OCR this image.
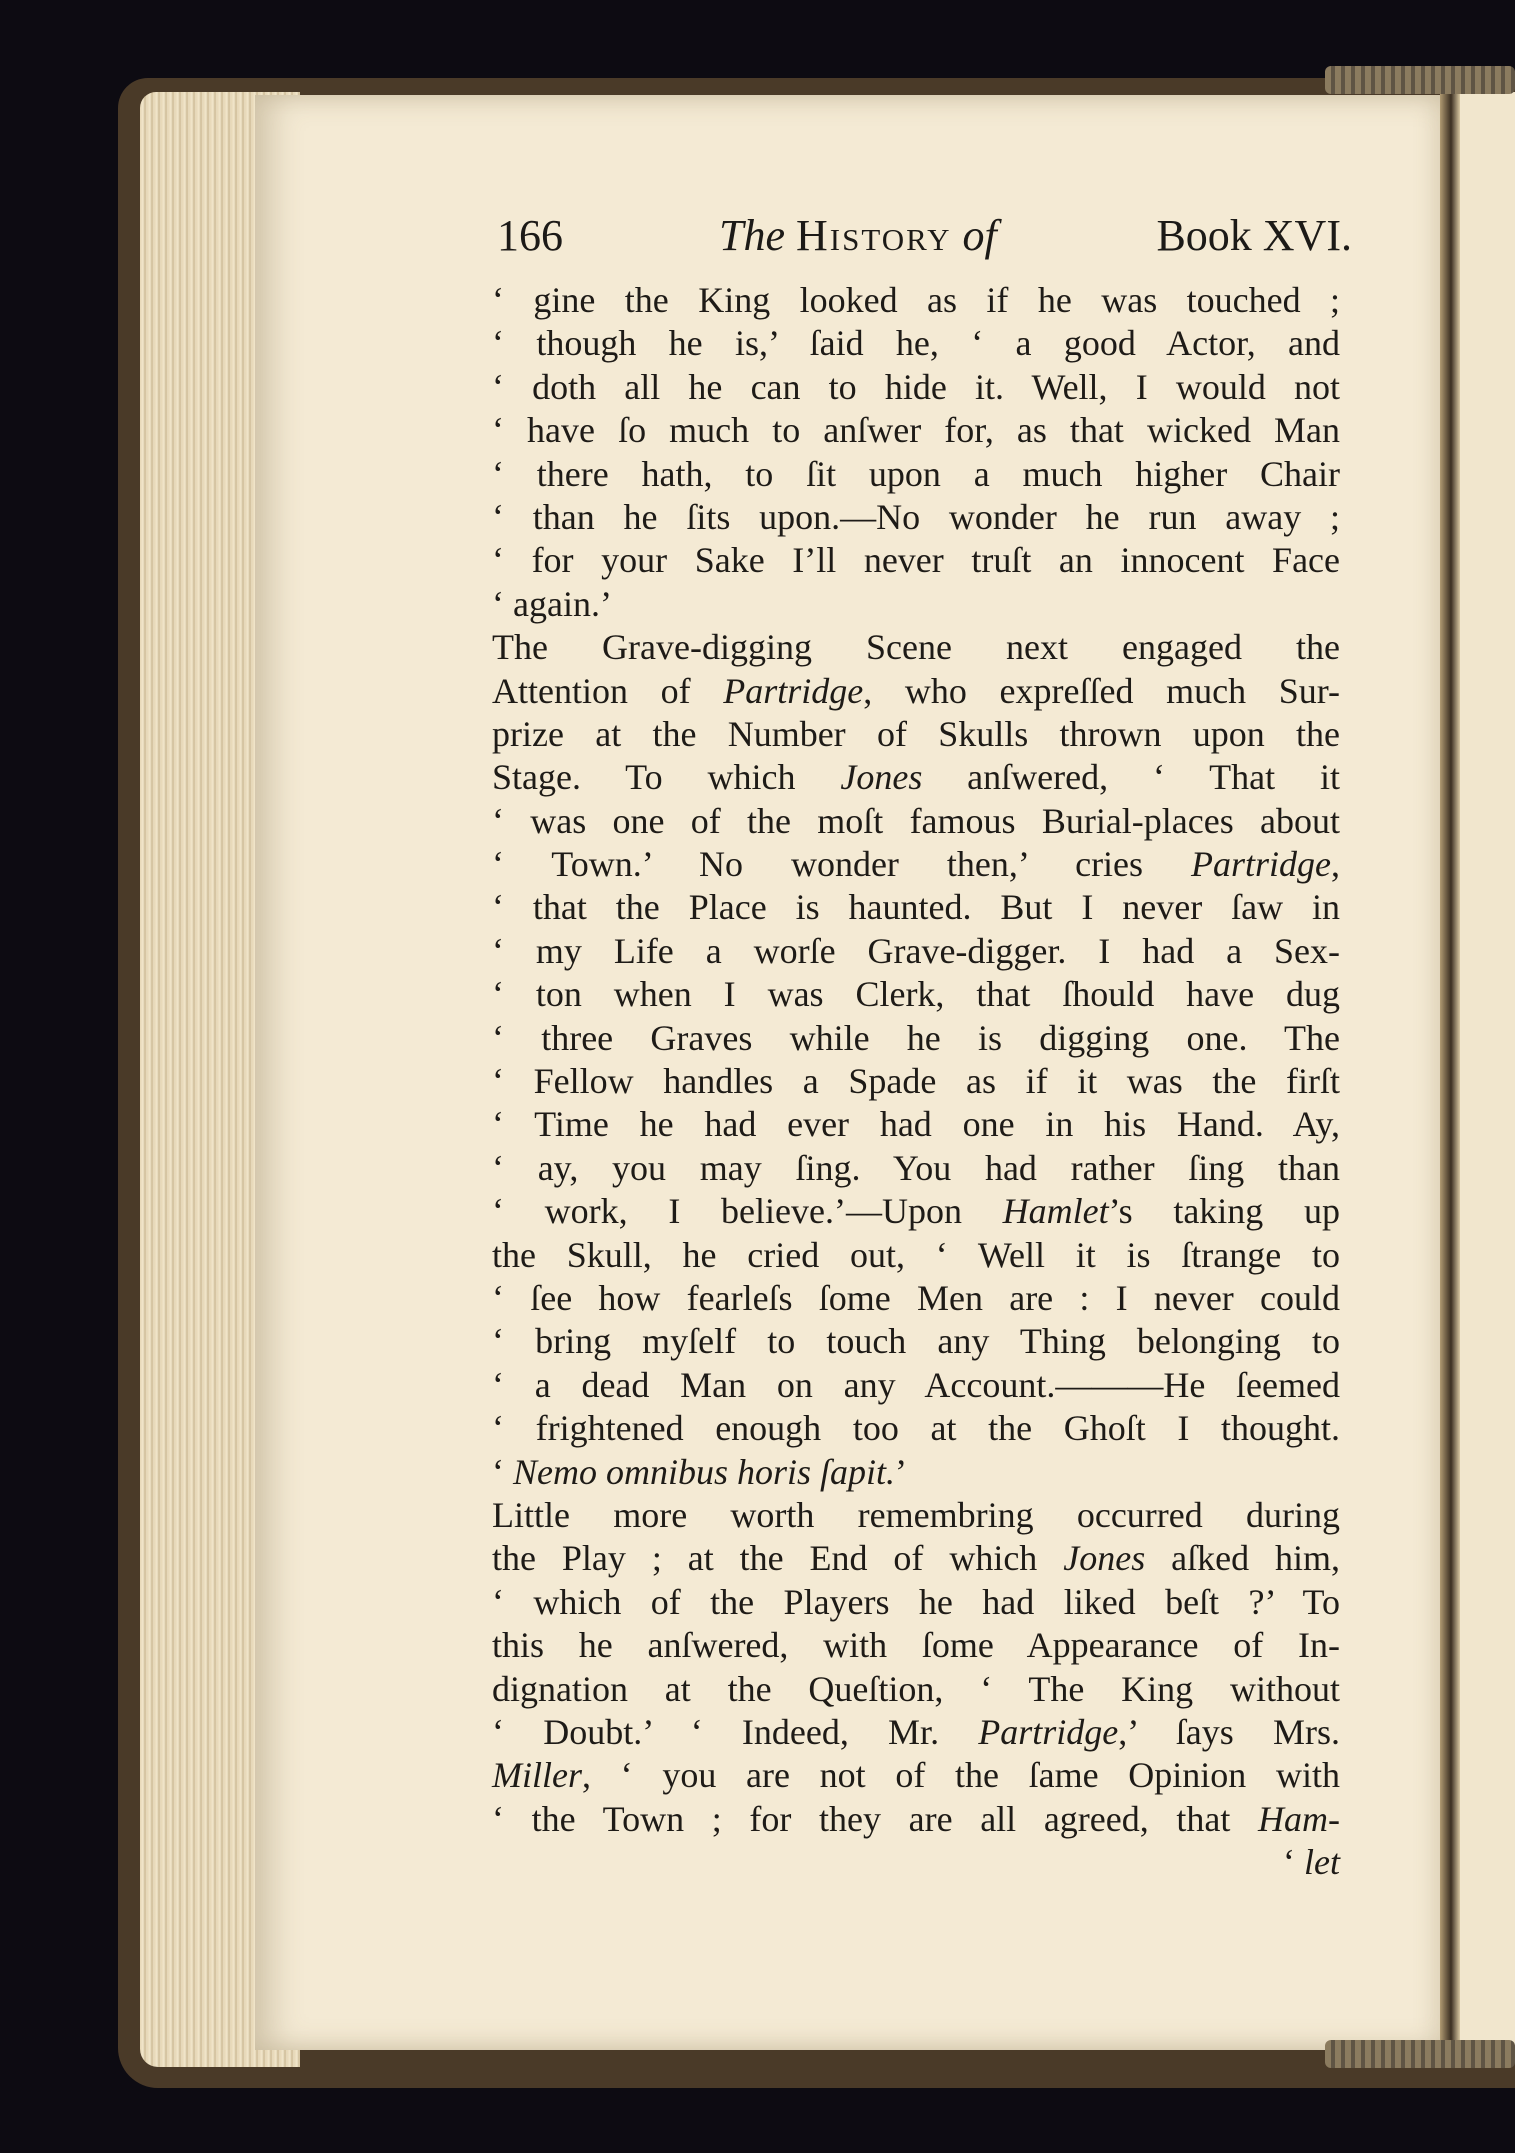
166	The History of	Book XVI.
‘ gine the King looked as if he was touched ;
‘ though he is,’ ſaid he, ‘ a good Actor, and
‘ doth all he can to hide it. Well, I would not
‘ have ſo much to anſwer for, as that wicked Man
‘ there hath, to ſit upon a much higher Chair
‘ than he ſits upon.—No wonder he run away ;
‘ for your Sake I’ll never truſt an innocent Face
‘ again.’
The Grave-digging Scene next engaged the
Attention of Partridge, who expreſſed much Sur-
prize at the Number of Skulls thrown upon the
Stage. To which Jones anſwered, ‘ That it
‘ was one of the moſt famous Burial-places about
‘ Town.’ No wonder then,’ cries Partridge,
‘ that the Place is haunted. But I never ſaw in
‘ my Life a worſe Grave-digger. I had a Sex-
‘ ton when I was Clerk, that ſhould have dug
‘ three Graves while he is digging one. The
‘ Fellow handles a Spade as if it was the firſt
‘ Time he had ever had one in his Hand. Ay,
‘ ay, you may ſing. You had rather ſing than
‘ work, I believe.’—Upon Hamlet’s taking up
the Skull, he cried out, ‘ Well it is ſtrange to
‘ ſee how fearleſs ſome Men are : I never could
‘ bring myſelf to touch any Thing belonging to
‘ a dead Man on any Account.———He ſeemed
‘ frightened enough too at the Ghoſt I thought.
‘ Nemo omnibus horis ſapit.’
Little more worth remembring occurred during
the Play ; at the End of which Jones aſked him,
‘ which of the Players he had liked beſt ?’ To
this he anſwered, with ſome Appearance of In-
dignation at the Queſtion, ‘ The King without
‘ Doubt.’ ‘ Indeed, Mr. Partridge,’ ſays Mrs.
Miller, ‘ you are not of the ſame Opinion with
‘ the Town ; for they are all agreed, that Ham-
‘ let
